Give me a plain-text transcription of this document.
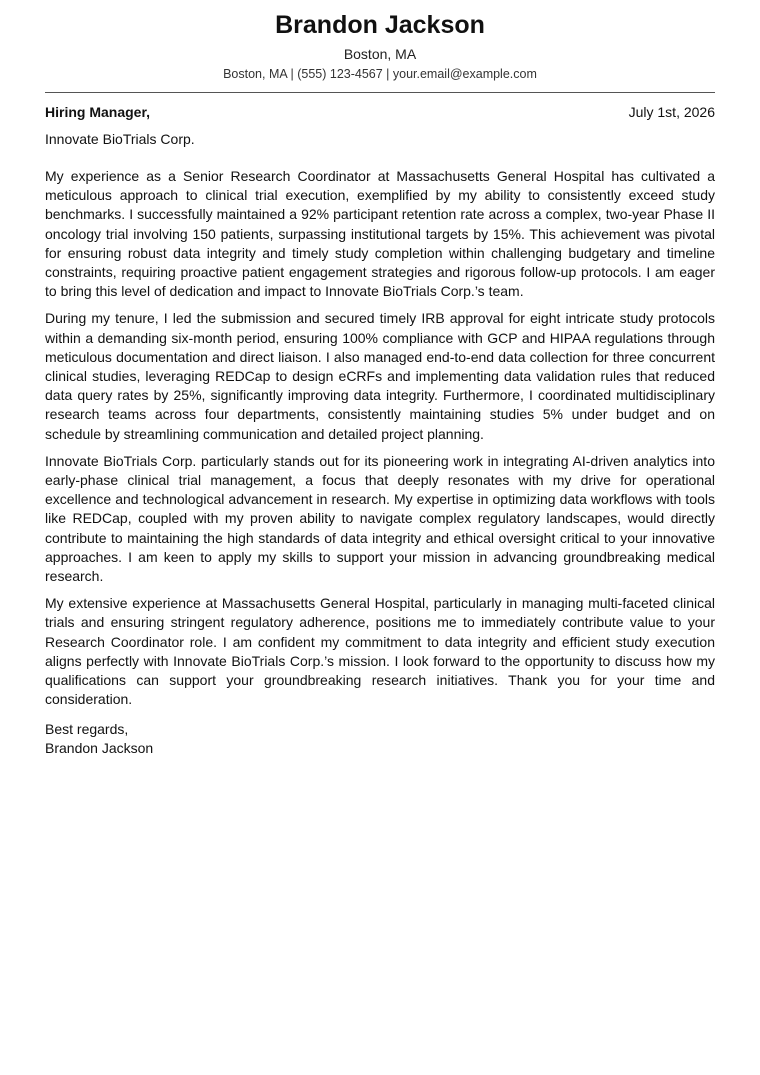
Brandon Jackson
Boston, MA
Boston, MA | (555) 123-4567 | your.email@example.com
Hiring Manager,	July 1st, 2026
Innovate BioTrials Corp.

My experience as a Senior Research Coordinator at Massachusetts General Hospital has cultivated a meticulous approach to clinical trial execution, exemplified by my ability to consistently exceed study benchmarks. I successfully maintained a 92% participant retention rate across a complex, two-year Phase II oncology trial involving 150 patients, surpassing institutional targets by 15%. This achievement was pivotal for ensuring robust data integrity and timely study completion within challenging budgetary and timeline constraints, requiring proactive patient engagement strategies and rigorous follow-up protocols. I am eager to bring this level of dedication and impact to Innovate BioTrials Corp.’s team.

During my tenure, I led the submission and secured timely IRB approval for eight intricate study protocols within a demanding six-month period, ensuring 100% compliance with GCP and HIPAA regulations through meticulous documentation and direct liaison. I also managed end-to-end data collection for three concurrent clinical studies, leveraging REDCap to design eCRFs and implementing data validation rules that reduced data query rates by 25%, significantly improving data integrity. Furthermore, I coordinated multidisciplinary research teams across four departments, consistently maintaining studies 5% under budget and on schedule by streamlining communication and detailed project planning.

Innovate BioTrials Corp. particularly stands out for its pioneering work in integrating AI-driven analytics into early-phase clinical trial management, a focus that deeply resonates with my drive for operational excellence and technological advancement in research. My expertise in optimizing data workflows with tools like REDCap, coupled with my proven ability to navigate complex regulatory landscapes, would directly contribute to maintaining the high standards of data integrity and ethical oversight critical to your innovative approaches. I am keen to apply my skills to support your mission in advancing groundbreaking medical research.

My extensive experience at Massachusetts General Hospital, particularly in managing multi-faceted clinical trials and ensuring stringent regulatory adherence, positions me to immediately contribute value to your Research Coordinator role. I am confident my commitment to data integrity and efficient study execution aligns perfectly with Innovate BioTrials Corp.’s mission. I look forward to the opportunity to discuss how my qualifications can support your groundbreaking research initiatives. Thank you for your time and consideration.

Best regards,
Brandon Jackson
